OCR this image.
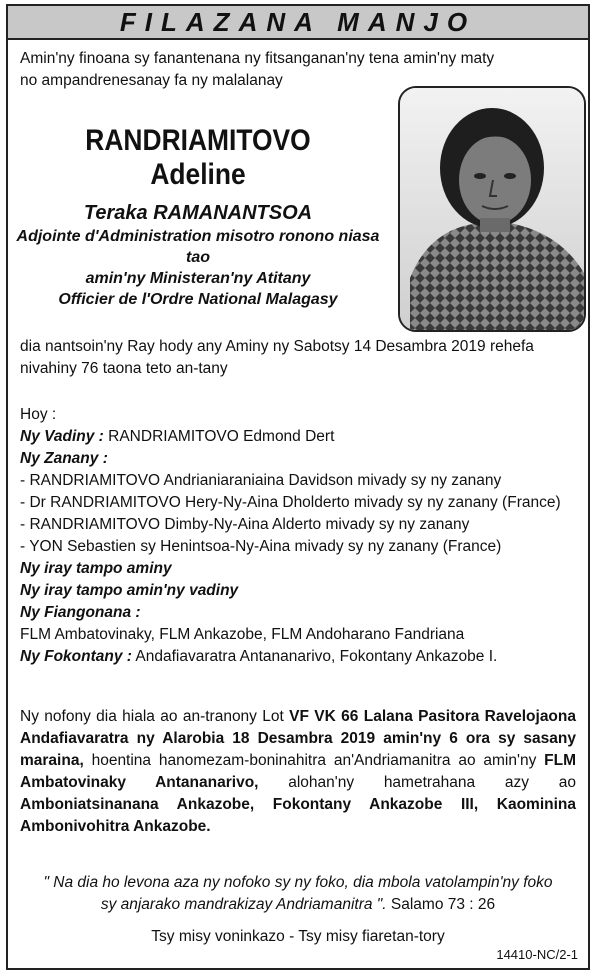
FILAZANA MANJO
Amin'ny finoana sy fanantenana ny fitsanganan'ny tena amin'ny maty
no ampandrenesanay fa ny malalanay
RANDRIAMITOVO
Adeline
Teraka RAMANANTSOA
Adjointe d'Administration misotro ronono niasa tao
amin'ny Ministeran'ny Atitany
Officier de l'Ordre National Malagasy
dia nantsoin'ny Ray hody any Aminy ny Sabotsy 14 Desambra 2019 rehefa
nivahiny 76 taona teto an-tany
Hoy :
Ny Vadiny : RANDRIAMITOVO Edmond Dert
Ny Zanany :
- RANDRIAMITOVO Andrianiaraniaina Davidson mivady sy ny zanany
- Dr RANDRIAMITOVO Hery-Ny-Aina Dholderto mivady sy ny zanany (France)
- RANDRIAMITOVO Dimby-Ny-Aina Alderto mivady sy ny zanany
- YON Sebastien sy Henintsoa-Ny-Aina mivady sy ny zanany (France)
Ny iray tampo aminy
Ny iray tampo amin'ny vadiny
Ny Fiangonana :
FLM Ambatovinaky, FLM Ankazobe, FLM Andoharano Fandriana
Ny Fokontany : Andafiavaratra Antananarivo, Fokontany Ankazobe I.
Ny nofony dia hiala ao an-tranony Lot VF VK 66 Lalana Pasitora Ravelojaona Andafiavaratra ny Alarobia 18 Desambra 2019 amin'ny 6 ora sy sasany maraina, hoentina hanomezam-boninahitra an'Andriamanitra ao amin'ny FLM Ambatovinaky Antananarivo, alohan'ny hametrahana azy ao Amboniatsinanana Ankazobe, Fokontany Ankazobe III, Kaominina Ambonivohitra Ankazobe.
" Na dia ho levona aza ny nofoko sy ny foko, dia mbola vatolampin'ny foko
sy anjarako mandrakizay Andriamanitra ". Salamo 73 : 26
Tsy misy voninkazo - Tsy misy fiaretan-tory
14410-NC/2-1
